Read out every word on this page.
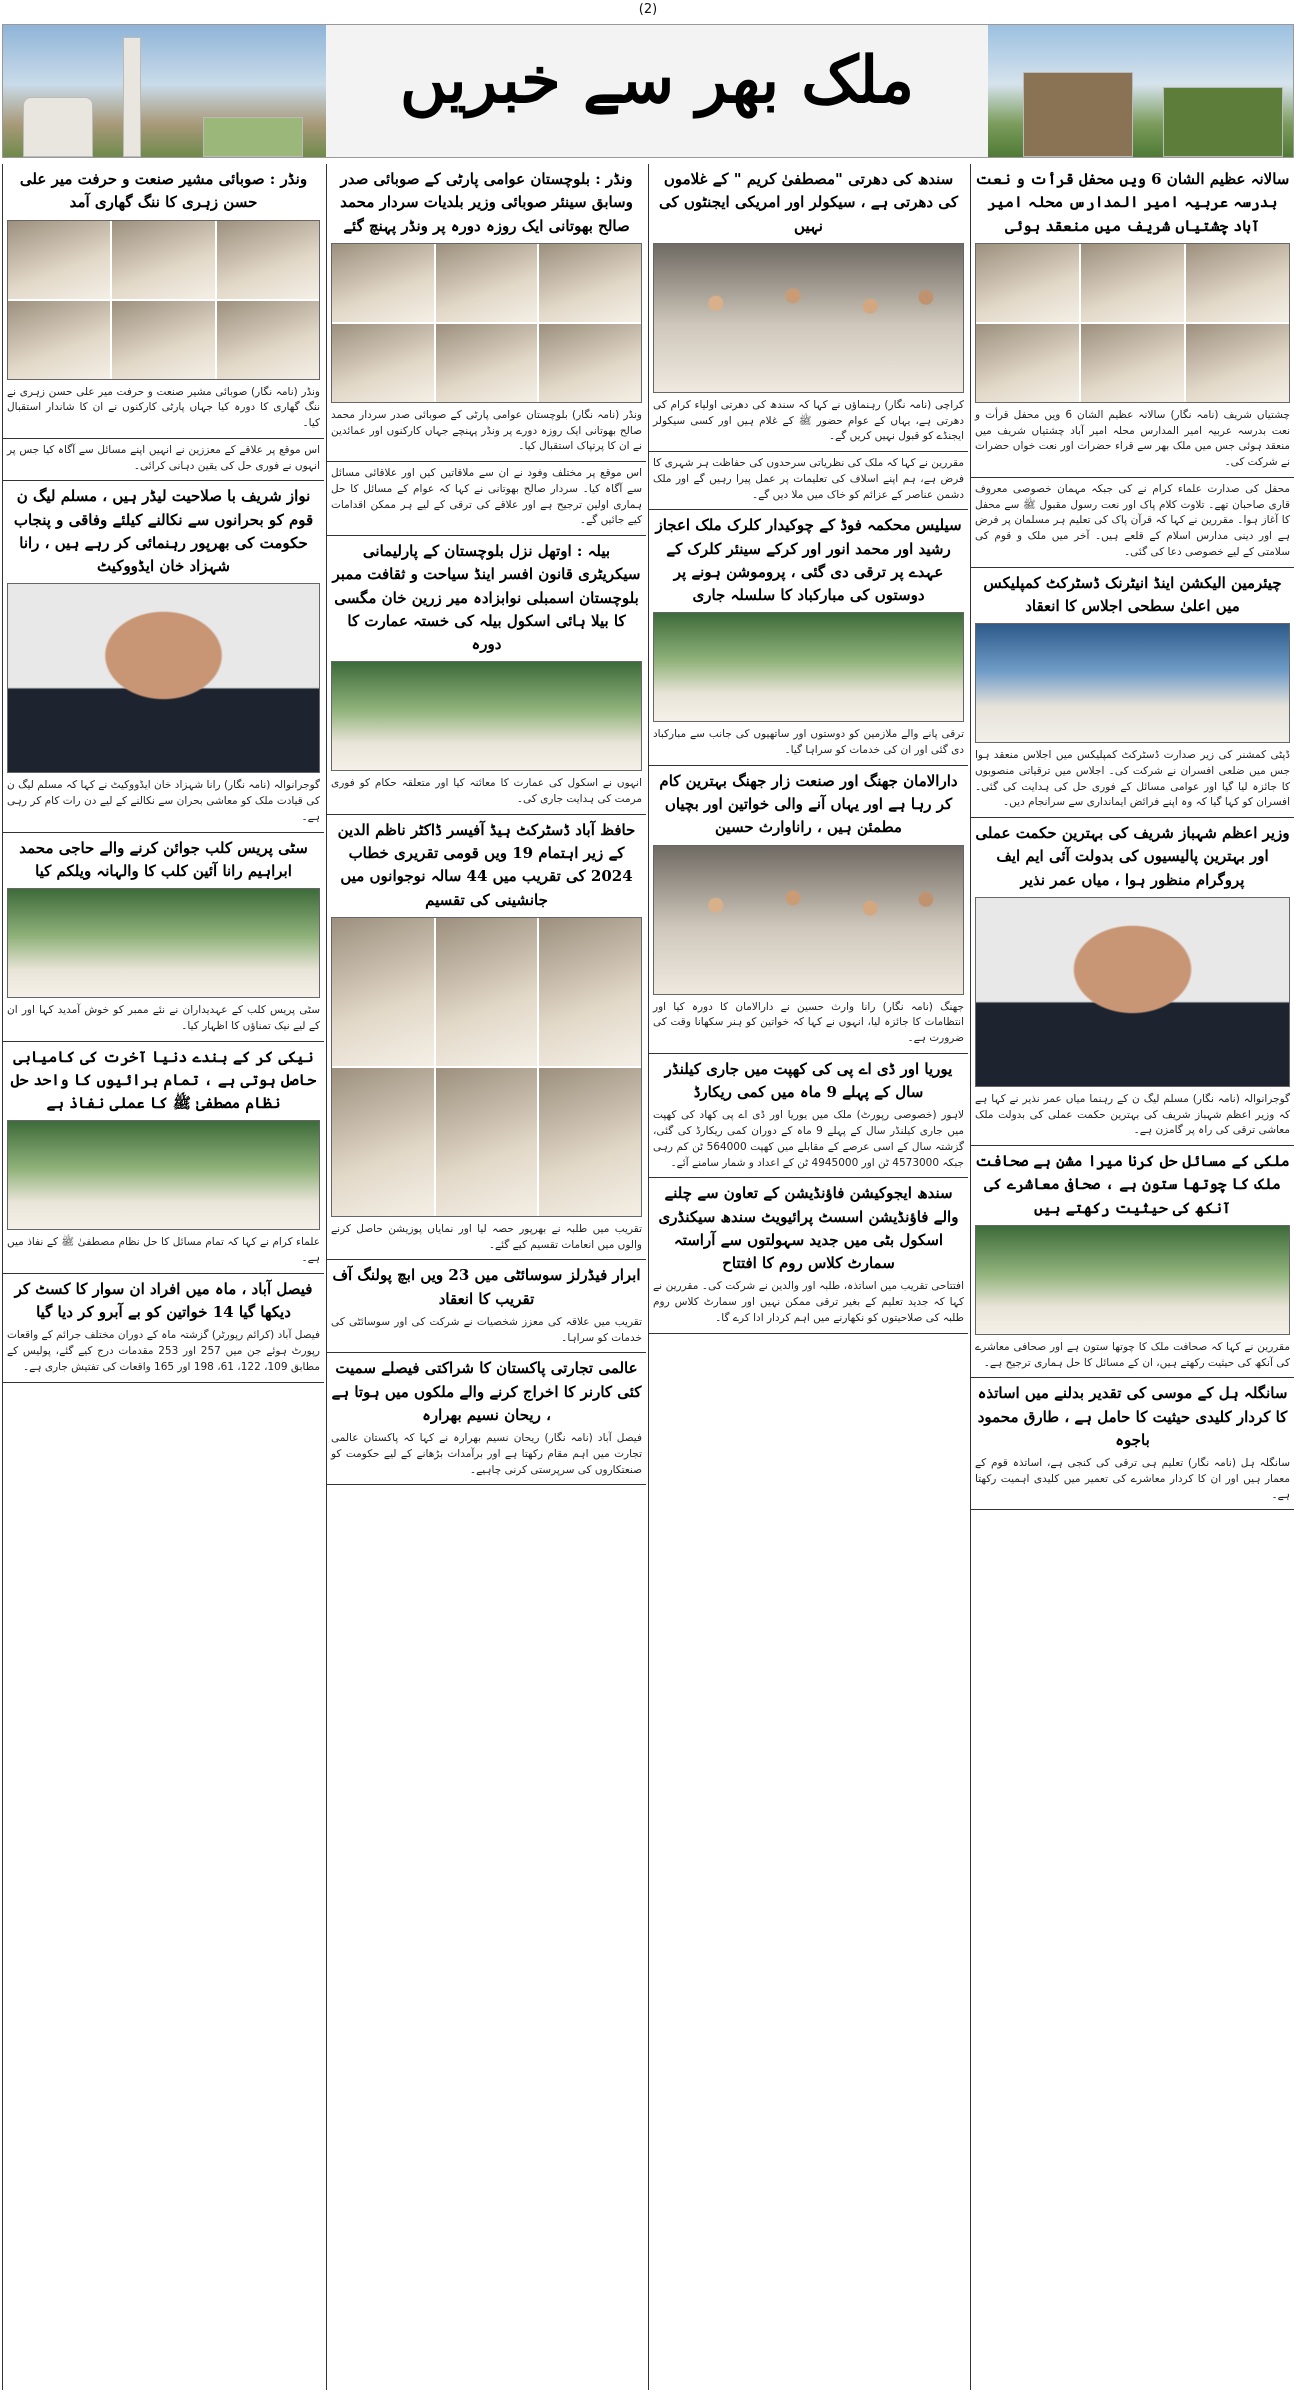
(2)
ملک بھر سے خبریں
سالانہ عظیم الشان 6 ویں محفل قرأت و نعت بدرسہ عربیہ امیر المدارس محلہ امیر آباد چشتیاں شریف میں منعقد ہوئی
چشتیاں شریف (نامہ نگار) سالانہ عظیم الشان 6 ویں محفل قرأت و نعت بدرسہ عربیہ امیر المدارس محلہ امیر آباد چشتیاں شریف میں منعقد ہوئی جس میں ملک بھر سے قراء حضرات اور نعت خواں حضرات نے شرکت کی۔
محفل کی صدارت علماء کرام نے کی جبکہ مہمان خصوصی معروف قاری صاحبان تھے۔ تلاوت کلام پاک اور نعت رسول مقبول ﷺ سے محفل کا آغاز ہوا۔ مقررین نے کہا کہ قرآن پاک کی تعلیم ہر مسلمان پر فرض ہے اور دینی مدارس اسلام کے قلعے ہیں۔ آخر میں ملک و قوم کی سلامتی کے لیے خصوصی دعا کی گئی۔
چیئرمین الیکشن اینڈ انیٹرنک ڈسٹرکٹ کمپلیکس میں اعلیٰ سطحی اجلاس کا انعقاد
ڈپٹی کمشنر کی زیر صدارت ڈسٹرکٹ کمپلیکس میں اجلاس منعقد ہوا جس میں ضلعی افسران نے شرکت کی۔ اجلاس میں ترقیاتی منصوبوں کا جائزہ لیا گیا اور عوامی مسائل کے فوری حل کی ہدایت کی گئی۔ افسران کو کہا گیا کہ وہ اپنے فرائض ایمانداری سے سرانجام دیں۔
وزیر اعظم شہباز شریف کی بہترین حکمت عملی اور بہترین پالیسیوں کی بدولت آئی ایم ایف پروگرام منظور ہوا ، میاں عمر نذیر
گوجرانوالہ (نامہ نگار) مسلم لیگ ن کے رہنما میاں عمر نذیر نے کہا ہے کہ وزیر اعظم شہباز شریف کی بہترین حکمت عملی کی بدولت ملک معاشی ترقی کی راہ پر گامزن ہے۔
ملکی کے مسائل حل کرنا میرا مشن ہے صحافت ملک کا چوتھا ستون ہے ، صحافی معاشرے کی آنکھ کی حیثیت رکھتے ہیں
مقررین نے کہا کہ صحافت ملک کا چوتھا ستون ہے اور صحافی معاشرے کی آنکھ کی حیثیت رکھتے ہیں، ان کے مسائل کا حل ہماری ترجیح ہے۔
سانگلہ ہل کے موسی کی تقدیر بدلنے میں اساتذہ کا کردار کلیدی حیثیت کا حامل ہے ، طارق محمود باجوہ
سانگلہ ہل (نامہ نگار) تعلیم ہی ترقی کی کنجی ہے، اساتذہ قوم کے معمار ہیں اور ان کا کردار معاشرے کی تعمیر میں کلیدی اہمیت رکھتا ہے۔
سندھ کی دھرتی "مصطفیٰ کریم " کے غلاموں کی دھرتی ہے ، سیکولر اور امریکی ایجنٹوں کی نہیں
کراچی (نامہ نگار) رہنماؤں نے کہا کہ سندھ کی دھرتی اولیاء کرام کی دھرتی ہے، یہاں کے عوام حضور ﷺ کے غلام ہیں اور کسی سیکولر ایجنڈے کو قبول نہیں کریں گے۔
مقررین نے کہا کہ ملک کی نظریاتی سرحدوں کی حفاظت ہر شہری کا فرض ہے، ہم اپنے اسلاف کی تعلیمات پر عمل پیرا رہیں گے اور ملک دشمن عناصر کے عزائم کو خاک میں ملا دیں گے۔
سیلیس محکمہ فوڈ کے چوکیدار کلرک ملک اعجاز رشید اور محمد انور اور کرکے سینئر کلرک کے عہدے پر ترقی دی گئی ، پروموشن ہونے پر دوستوں کی مبارکباد کا سلسلہ جاری
ترقی پانے والے ملازمین کو دوستوں اور ساتھیوں کی جانب سے مبارکباد دی گئی اور ان کی خدمات کو سراہا گیا۔
دارالامان جھنگ اور صنعت زار جھنگ بہترین کام کر رہا ہے اور یہاں آنے والی خواتین اور بچیاں مطمئن ہیں ، راناوارث حسین
جھنگ (نامہ نگار) رانا وارث حسین نے دارالامان کا دورہ کیا اور انتظامات کا جائزہ لیا، انہوں نے کہا کہ خواتین کو ہنر سکھانا وقت کی ضرورت ہے۔
یوریا اور ڈی اے پی کی کھپت میں جاری کیلنڈر سال کے پہلے 9 ماہ میں کمی ریکارڈ
لاہور (خصوصی رپورٹ) ملک میں یوریا اور ڈی اے پی کھاد کی کھپت میں جاری کیلنڈر سال کے پہلے 9 ماہ کے دوران کمی ریکارڈ کی گئی، گزشتہ سال کے اسی عرصے کے مقابلے میں کھپت 564000 ٹن کم رہی جبکہ 4573000 ٹن اور 4945000 ٹن کے اعداد و شمار سامنے آئے۔
سندھ ایجوکیشن فاؤنڈیشن کے تعاون سے چلنے والے فاؤنڈیشن اسسٹ پرائیویٹ سندھ سیکنڈری اسکول بٹی میں جدید سہولتوں سے آراستہ سمارٹ کلاس روم کا افتتاح
افتتاحی تقریب میں اساتذہ، طلبہ اور والدین نے شرکت کی۔ مقررین نے کہا کہ جدید تعلیم کے بغیر ترقی ممکن نہیں اور سمارٹ کلاس روم طلبہ کی صلاحیتوں کو نکھارنے میں اہم کردار ادا کرے گا۔
ونڈر : بلوچستان عوامی پارٹی کے صوبائی صدر وسابق سینئر صوبائی وزیر بلدیات سردار محمد صالح بھوتانی ایک روزہ دورہ پر ونڈر پہنچ گئے
ونڈر (نامہ نگار) بلوچستان عوامی پارٹی کے صوبائی صدر سردار محمد صالح بھوتانی ایک روزہ دورے پر ونڈر پہنچے جہاں کارکنوں اور عمائدین نے ان کا پرتپاک استقبال کیا۔
اس موقع پر مختلف وفود نے ان سے ملاقاتیں کیں اور علاقائی مسائل سے آگاہ کیا۔ سردار صالح بھوتانی نے کہا کہ عوام کے مسائل کا حل ہماری اولین ترجیح ہے اور علاقے کی ترقی کے لیے ہر ممکن اقدامات کیے جائیں گے۔
بیلہ : اوتھل نزل بلوچستان کے پارلیمانی سیکریٹری قانون افسر اینڈ سیاحت و ثقافت ممبر بلوچستان اسمبلی نوابزادہ میر زرین خان مگسی کا بیلا ہائی اسکول بیلہ کی خستہ عمارت کا دورہ
انہوں نے اسکول کی عمارت کا معائنہ کیا اور متعلقہ حکام کو فوری مرمت کی ہدایت جاری کی۔
حافظ آباد ڈسٹرکٹ ہیڈ آفیسر ڈاکٹر ناظم الدین کے زیر اہتمام 19 ویں قومی تقریری خطاب 2024 کی تقریب میں 44 سالہ نوجوانوں میں جانشینی کی تقسیم
تقریب میں طلبہ نے بھرپور حصہ لیا اور نمایاں پوزیشن حاصل کرنے والوں میں انعامات تقسیم کیے گئے۔
ابرار فیڈرلز سوسائٹی میں 23 ویں ابچ پولنگ آف تقریب کا انعقاد
تقریب میں علاقہ کی معزز شخصیات نے شرکت کی اور سوسائٹی کی خدمات کو سراہا۔
عالمی تجارتی پاکستان کا شراکتی فیصلے سمیت کئی کارنر کا اخراج کرنے والے ملکوں میں ہوتا ہے ، ریحان نسیم بھرارہ
فیصل آباد (نامہ نگار) ریحان نسیم بھرارہ نے کہا کہ پاکستان عالمی تجارت میں اہم مقام رکھتا ہے اور برآمدات بڑھانے کے لیے حکومت کو صنعتکاروں کی سرپرستی کرنی چاہیے۔
ونڈر : صوبائی مشیر صنعت و حرفت میر علی حسن زہری کا ننگ گھاری آمد
ونڈر (نامہ نگار) صوبائی مشیر صنعت و حرفت میر علی حسن زہری نے ننگ گھاری کا دورہ کیا جہاں پارٹی کارکنوں نے ان کا شاندار استقبال کیا۔
اس موقع پر علاقے کے معززین نے انہیں اپنے مسائل سے آگاہ کیا جس پر انہوں نے فوری حل کی یقین دہانی کرائی۔
نواز شریف با صلاحیت لیڈر ہیں ، مسلم لیگ ن قوم کو بحرانوں سے نکالنے کیلئے وفاقی و پنجاب حکومت کی بھرپور رہنمائی کر رہے ہیں ، رانا شہزاد خان ایڈووکیٹ
گوجرانوالہ (نامہ نگار) رانا شہزاد خان ایڈووکیٹ نے کہا کہ مسلم لیگ ن کی قیادت ملک کو معاشی بحران سے نکالنے کے لیے دن رات کام کر رہی ہے۔
سٹی پریس کلب جوائن کرنے والے حاجی محمد ابراہیم رانا آئین کلب کا والہانہ ویلکم کیا
سٹی پریس کلب کے عہدیداران نے نئے ممبر کو خوش آمدید کہا اور ان کے لیے نیک تمناؤں کا اظہار کیا۔
نیکی کر کے بندے دنیا آخرت کی کامیابی حاصل ہوتی ہے ، تمام برائیوں کا واحد حل نظام مصطفیٰ ﷺ کا عملی نفاذ ہے
علماء کرام نے کہا کہ تمام مسائل کا حل نظام مصطفیٰ ﷺ کے نفاذ میں ہے۔
فیصل آباد ، ماہ میں افراد ان سوار کا کسٹ کر دیکھا گیا 14 خواتین کو بے آبرو کر دیا گیا
فیصل آباد (کرائم رپورٹر) گزشتہ ماہ کے دوران مختلف جرائم کے واقعات رپورٹ ہوئے جن میں 257 اور 253 مقدمات درج کیے گئے، پولیس کے مطابق 109، 122، 61، 198 اور 165 واقعات کی تفتیش جاری ہے۔
